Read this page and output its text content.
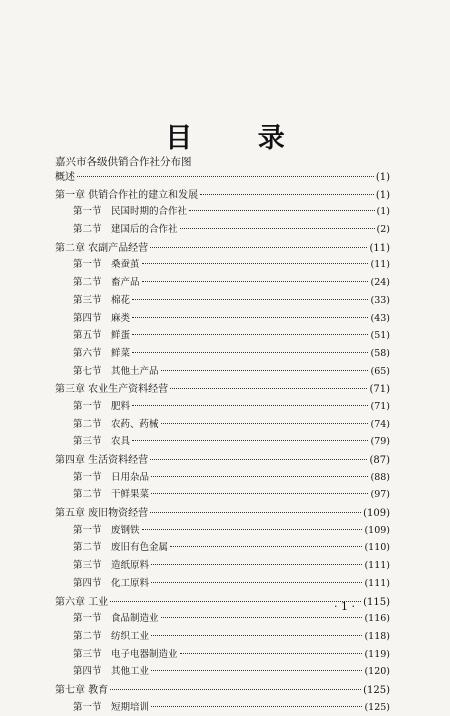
目 录
嘉兴市各级供销合作社分布图
概述	(1)
第一章 供销合作社的建立和发展	(1)
第一节 民国时期的合作社	(1)
第二节 建国后的合作社	(2)
第二章 农副产品经营	(11)
第一节 桑蚕茧	(11)
第二节 畜产品	(24)
第三节 棉花	(33)
第四节 麻类	(43)
第五节 鲜蛋	(51)
第六节 鲜菜	(58)
第七节 其他土产品	(65)
第三章 农业生产资料经营	(71)
第一节 肥料	(71)
第二节 农药、药械	(74)
第三节 农具	(79)
第四章 生活资料经营	(87)
第一节 日用杂品	(88)
第二节 干鲜果菜	(97)
第五章 废旧物资经营	(109)
第一节 废钢铁	(109)
第二节 废旧有色金属	(110)
第三节 造纸原料	(111)
第四节 化工原料	(111)
第六章 工业	(115)
第一节 食品制造业	(116)
第二节 纺织工业	(118)
第三节 电子电器制造业	(119)
第四节 其他工业	(120)
第七章 教育	(125)
第一节 短期培训	(125)
· 1 ·
